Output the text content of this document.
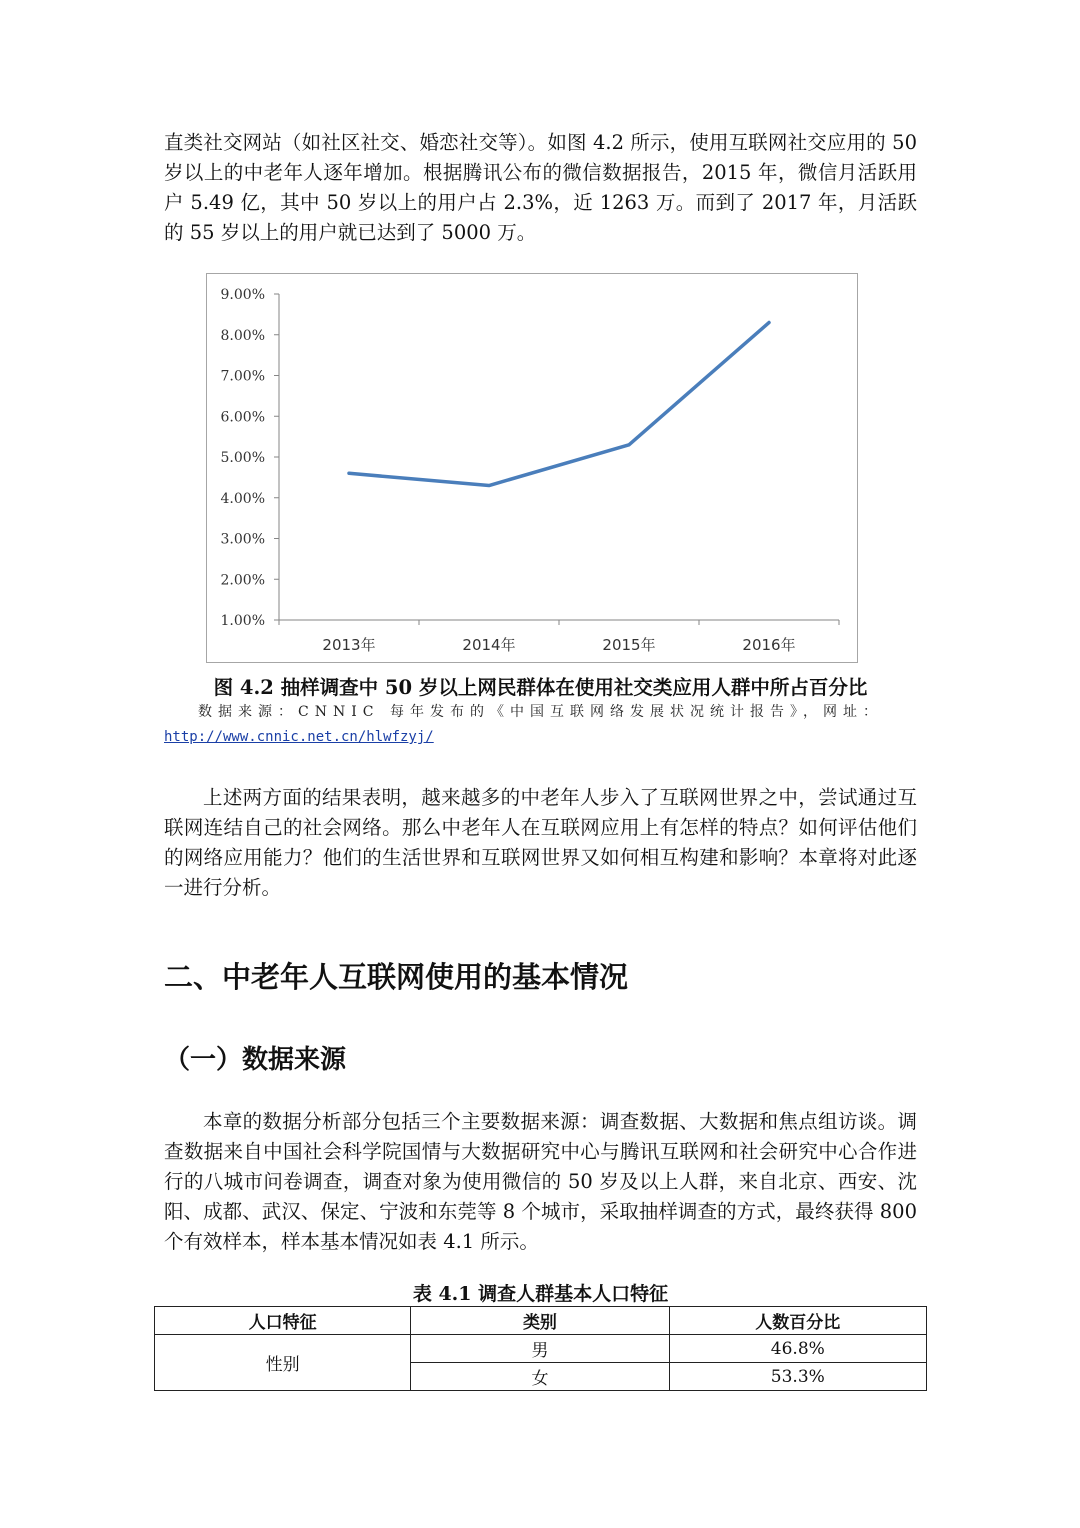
直类社交网站（如社区社交、婚恋社交等）。如图 4.2 所示，使用互联网社交应用的 50 岁以上的中老年人逐年增加。根据腾讯公布的微信数据报告，2015 年，微信月活跃用户 5.49 亿，其中 50 岁以上的用户占 2.3%，近 1263 万。而到了 2017 年，月活跃的 55 岁以上的用户就已达到了 5000 万。

9.00%
8.00%
7.00%
6.00%
5.00%
4.00%
3.00%
2.00%
1.00%
2013年	2014年	2015年	2016年

图 4.2 抽样调查中 50 岁以上网民群体在使用社交类应用人群中所占百分比

数据来源：CNNIC 每年发布的《中国互联网络发展状况统计报告》，网址：

http://www.cnnic.net.cn/hlwfzyj/

上述两方面的结果表明，越来越多的中老年人步入了互联网世界之中，尝试通过互联网连结自己的社会网络。那么中老年人在互联网应用上有怎样的特点？如何评估他们的网络应用能力？他们的生活世界和互联网世界又如何相互构建和影响？本章将对此逐一进行分析。

二、中老年人互联网使用的基本情况
（一）数据来源

本章的数据分析部分包括三个主要数据来源：调查数据、大数据和焦点组访谈。调查数据来自中国社会科学院国情与大数据研究中心与腾讯互联网和社会研究中心合作进行的八城市问卷调查，调查对象为使用微信的 50 岁及以上人群，来自北京、西安、沈阳、成都、武汉、保定、宁波和东莞等 8 个城市，采取抽样调查的方式，最终获得 800 个有效样本，样本基本情况如表 4.1 所示。

表 4.1 调查人群基本人口特征

人口特征	类别	人数百分比
性别	男	46.8%
	女	53.3%
